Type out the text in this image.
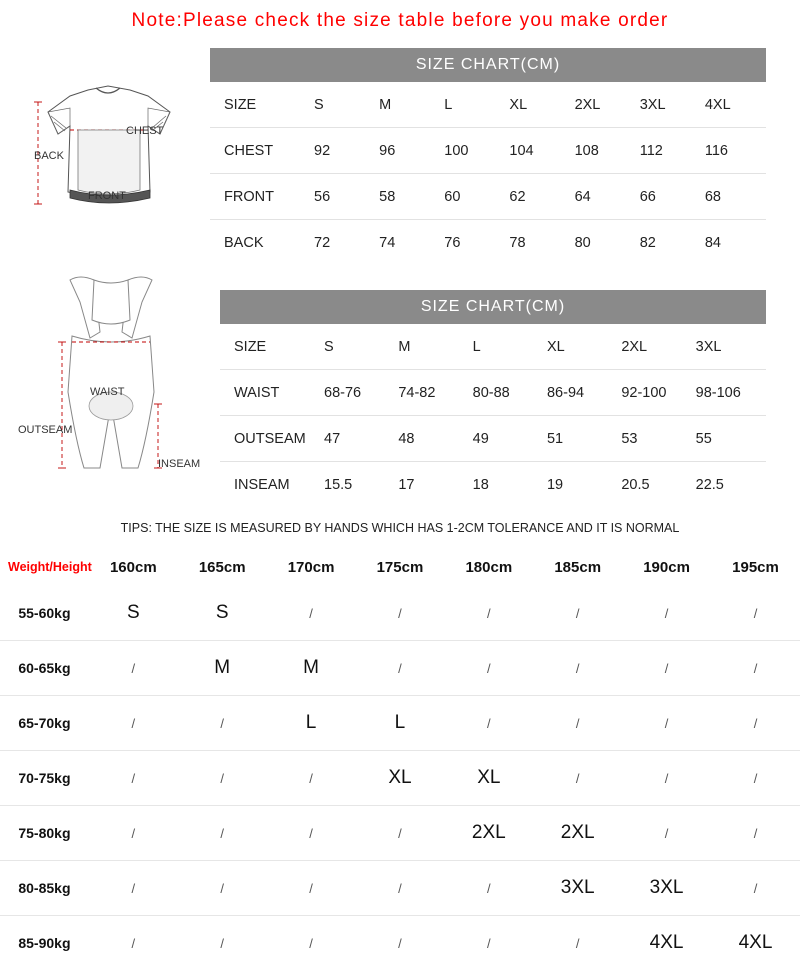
Note:Please check the size table before you make order
CHEST
BACK
FRONT
WAIST
OUTSEAM
INSEAM
SIZE CHART(CM)
SIZE	S	M	L	XL	2XL	3XL	4XL
CHEST	92	96	100	104	108	112	116
FRONT	56	58	60	62	64	66	68
BACK	72	74	76	78	80	82	84
SIZE CHART(CM)
SIZE	S	M	L	XL	2XL	3XL
WAIST	68-76	74-82	80-88	86-94	92-100	98-106
OUTSEAM	47	48	49	51	53	55
INSEAM	15.5	17	18	19	20.5	22.5
TIPS: THE SIZE IS MEASURED BY HANDS WHICH HAS 1-2CM TOLERANCE AND IT IS NORMAL
Weight/Height	160cm	165cm	170cm	175cm	180cm	185cm	190cm	195cm
55-60kg	S	S	/	/	/	/	/	/
60-65kg	/	M	M	/	/	/	/	/
65-70kg	/	/	L	L	/	/	/	/
70-75kg	/	/	/	XL	XL	/	/	/
75-80kg	/	/	/	/	2XL	2XL	/	/
80-85kg	/	/	/	/	/	3XL	3XL	/
85-90kg	/	/	/	/	/	/	4XL	4XL
